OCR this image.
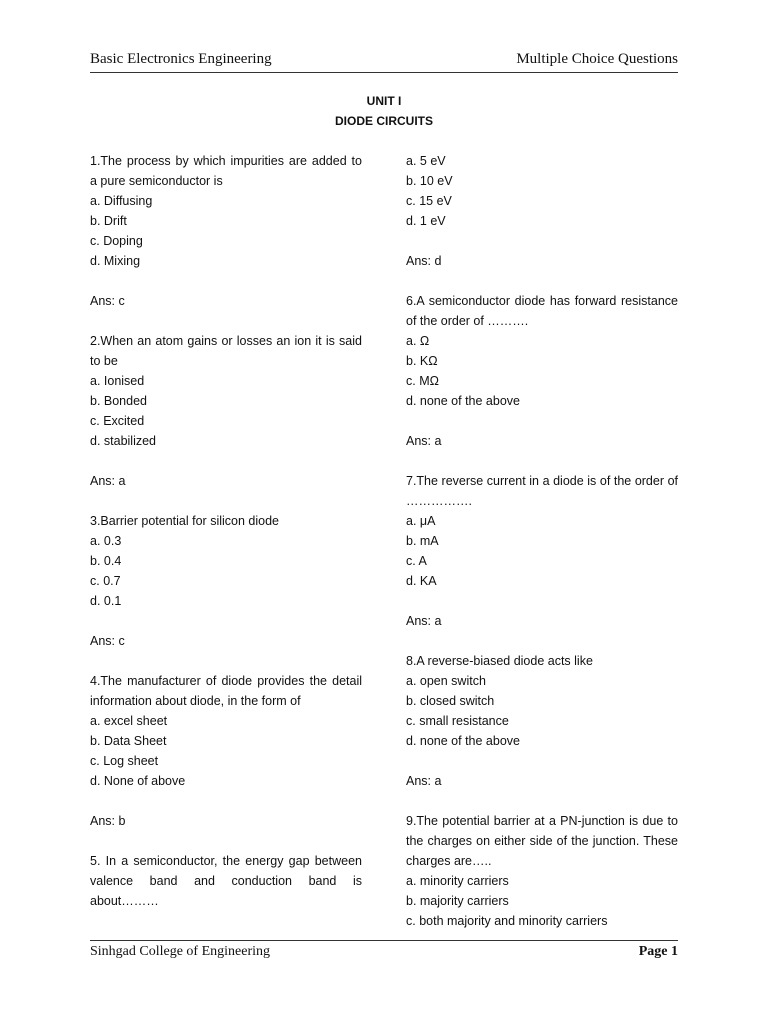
Basic Electronics Engineering	Multiple Choice Questions
UNIT I
DIODE CIRCUITS
1.The process by which impurities are added to a pure semiconductor is
a. Diffusing
b. Drift
c. Doping
d. Mixing
Ans: c
2.When an atom gains or losses an ion it is said to be
a. Ionised
b. Bonded
c. Excited
d. stabilized
Ans: a
3.Barrier potential for silicon diode
a. 0.3
b. 0.4
c. 0.7
d. 0.1
Ans: c
4.The manufacturer of diode provides the detail information about diode, in the form of
a. excel sheet
b. Data Sheet
c. Log sheet
d. None of above
Ans: b
5. In a semiconductor, the energy gap between valence band and conduction band is about………
a. 5 eV
b. 10 eV
c. 15 eV
d. 1 eV
Ans: d
6.A semiconductor diode has forward resistance of the order of ……….
a. Ω
b. KΩ
c. MΩ
d. none of the above
Ans: a
7.The reverse current in a diode is of the order of …………….
a. μA
b. mA
c. A
d. KA
Ans: a
8.A reverse-biased diode acts like
a. open switch
b. closed switch
c. small resistance
d. none of the above
Ans: a
9.The potential barrier at a PN-junction is due to the charges on either side of the junction. These charges are…..
a. minority carriers
b. majority carriers
c. both majority and minority carriers
Sinhgad College of Engineering	Page 1
